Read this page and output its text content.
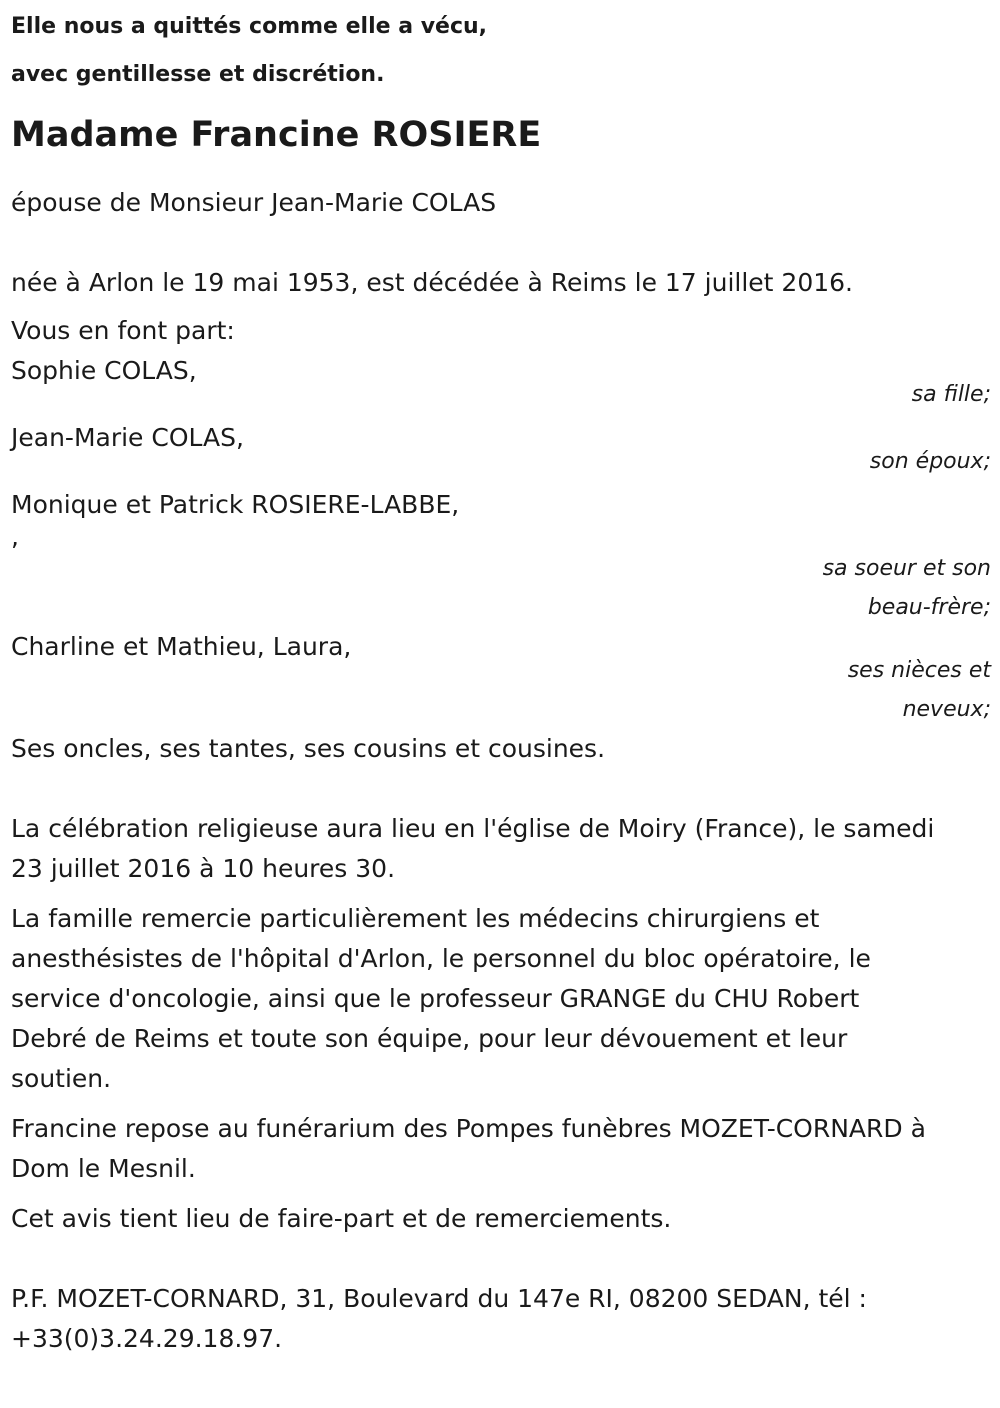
Elle nous a quittés comme elle a vécu,
avec gentillesse et discrétion.
Madame Francine ROSIERE
épouse de Monsieur Jean-Marie COLAS
née à Arlon le 19 mai 1953, est décédée à Reims le 17 juillet 2016.
Vous en font part:
Sophie COLAS,
sa fille;
Jean-Marie COLAS,
son époux;
Monique et Patrick ROSIERE-LABBE,
,
sa soeur et son
beau-frère;
Charline et Mathieu, Laura,
ses nièces et
neveux;
Ses oncles, ses tantes, ses cousins et cousines.
La célébration religieuse aura lieu en l'église de Moiry (France), le samedi
23 juillet 2016 à 10 heures 30.
La famille remercie particulièrement les médecins chirurgiens et
anesthésistes de l'hôpital d'Arlon, le personnel du bloc opératoire, le
service d'oncologie, ainsi que le professeur GRANGE du CHU Robert
Debré de Reims et toute son équipe, pour leur dévouement et leur
soutien.
Francine repose au funérarium des Pompes funèbres MOZET-CORNARD à
Dom le Mesnil.
Cet avis tient lieu de faire-part et de remerciements.
P.F. MOZET-CORNARD, 31, Boulevard du 147e RI, 08200 SEDAN, tél :
+33(0)3.24.29.18.97.
